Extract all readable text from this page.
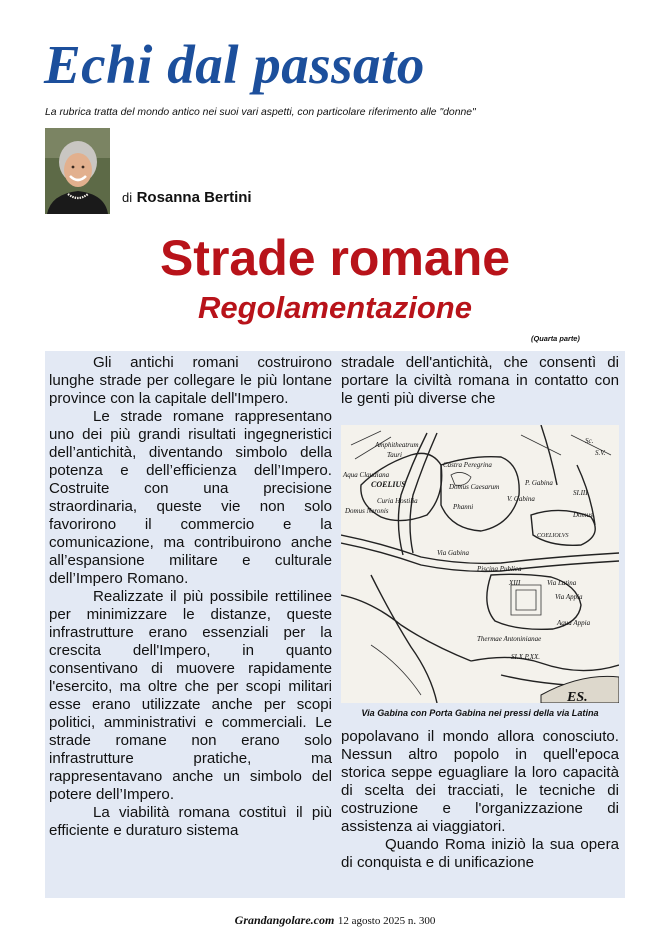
Echi dal passato
La rubrica tratta del mondo antico nei suoi vari aspetti, con particolare riferimento alle "donne"
di Rosanna Bertini
Strade romane
Regolamentazione
(Quarta parte)

Gli antichi romani costruirono lunghe strade per collegare le più lontane province con la capitale dell'Impero.

Le strade romane rappresentano uno dei più grandi risultati ingegneristici dell’antichità, diventando simbolo della potenza e dell’efficienza dell’Impero. Costruite con una precisione straordinaria, queste vie non solo favorirono il commercio e la comunicazione, ma contribuirono anche all’espansione militare e culturale dell’Impero Romano.

Realizzate il più possibile rettilinee per minimizzare le distanze, queste infrastrutture erano essenziali per la crescita dell'Impero, in quanto consentivano di muovere rapidamente l'esercito, ma oltre che per scopi militari esse erano utilizzate anche per scopi politici, amministrativi e commerciali. Le strade romane non erano solo infrastrutture pratiche, ma rappresentavano anche un simbolo del potere dell’Impero.

La viabilità romana costituì il più efficiente e duraturo sistema

stradale dell'antichità, che consentì di portare la civiltà romana in contatto con le genti più diverse che

Amphitheatrum
Tauri
Aqua Claudiana
Domus Neronis
COELIUS
Curia Hostilia
Castra Peregrina
Domus Caesarum
Phanni
Sc.
S.V.
P. Gabina
V. Gabina
Domus
COELIOLVS
SI.III.
Via Gabina
Piscina Publica
XIII	Via Latina
Via Appia
Aqua Appia
Thermae Antoninianae
SI.X.P.XX.
ES.
Via Gabina con Porta Gabina nei pressi della via Latina

popolavano il mondo allora conosciuto. Nessun altro popolo in quell'epoca storica seppe eguagliare la loro capacità di scelta dei tracciati, le tecniche di costruzione e l'organizzazione di assistenza ai viaggiatori.

Quando Roma iniziò la sua opera di conquista e di unificazione

Grandangolare.com 12 agosto 2025 n. 300
